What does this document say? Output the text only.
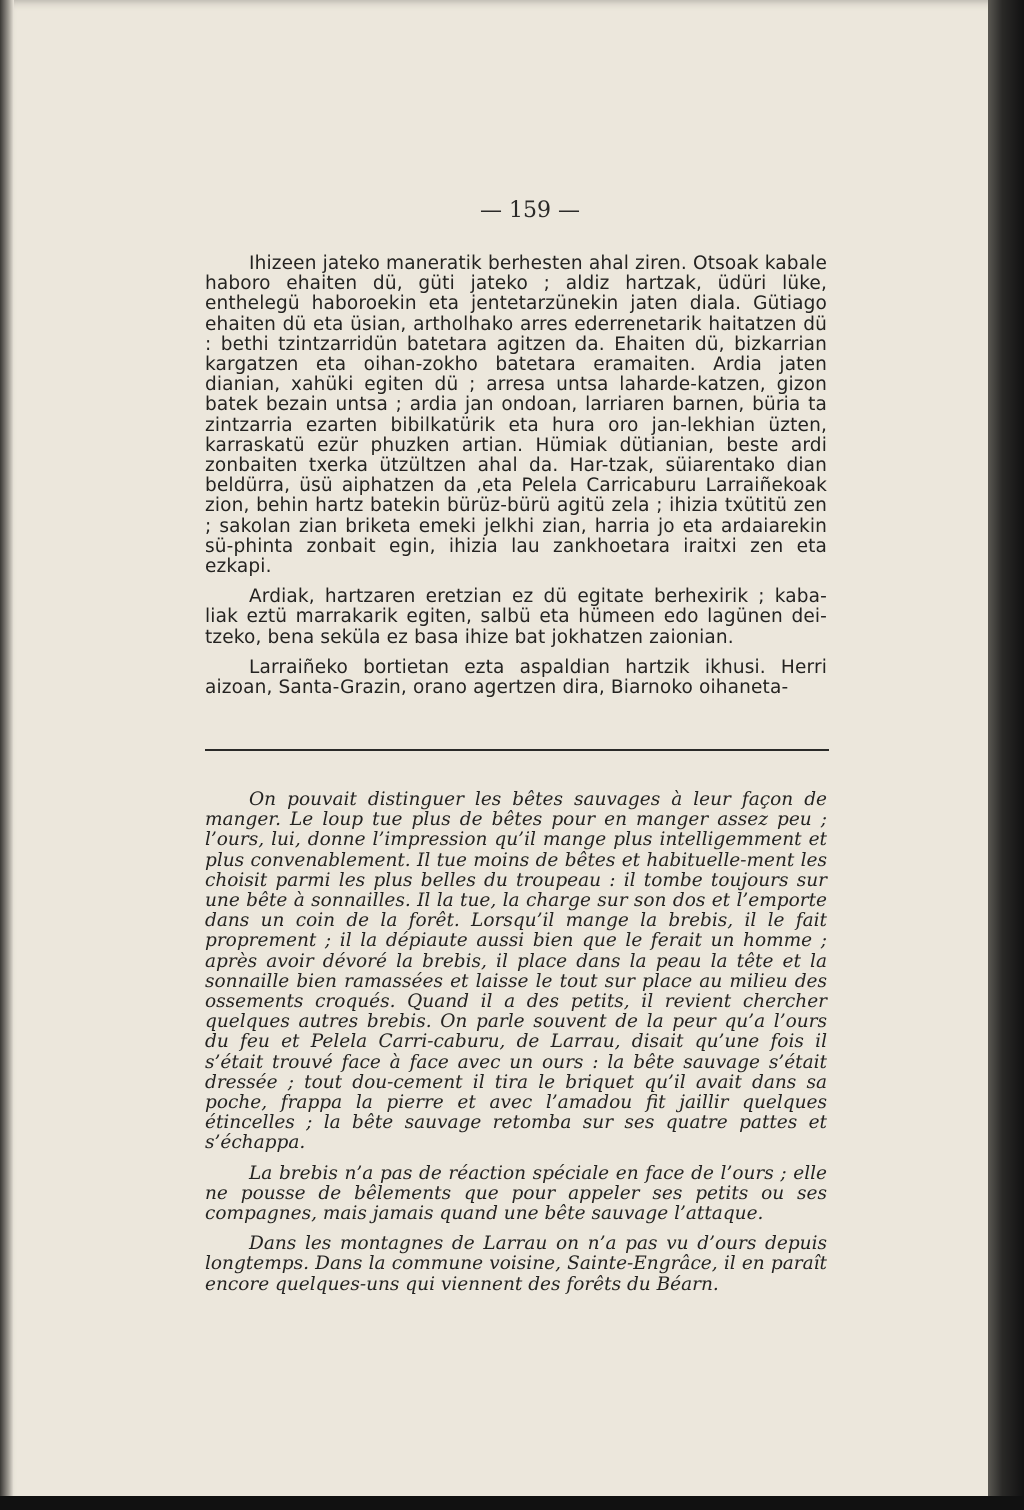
— 159 —

Ihizeen jateko maneratik berhesten ahal ziren. Otsoak kabale haboro ehaiten dü, güti jateko ; aldiz hartzak, üdüri lüke, enthelegü haboroekin eta jentetarzünekin jaten diala. Gütiago ehaiten dü eta üsian, artholhako arres ederrenetarik haitatzen dü : bethi tzintzarridün batetara agitzen da. Ehaiten dü, bizkarrian kargatzen eta oihan-zokho batetara eramaiten. Ardia jaten dianian, xahüki egiten dü ; arresa untsa laharde-katzen, gizon batek bezain untsa ; ardia jan ondoan, larriaren barnen, büria ta zintzarria ezarten bibilkatürik eta hura oro jan-lekhian üzten, karraskatü ezür phuzken artian. Hümiak dütianian, beste ardi zonbaiten txerka ützültzen ahal da. Har-tzak, süiarentako dian beldürra, üsü aiphatzen da ,eta Pelela Carricaburu Larraiñekoak zion, behin hartz batekin bürüz-bürü agitü zela ; ihizia txütitü zen ; sakolan zian briketa emeki jelkhi zian, harria jo eta ardaiarekin sü-phinta zonbait egin, ihizia lau zankhoetara iraitxi zen eta ezkapi.

Ardiak, hartzaren eretzian ez dü egitate berhexirik ; kaba-liak eztü marrakarik egiten, salbü eta hümeen edo lagünen dei-tzeko, bena seküla ez basa ihize bat jokhatzen zaionian.

Larraiñeko bortietan ezta aspaldian hartzik ikhusi. Herri aizoan, Santa-Grazin, orano agertzen dira, Biarnoko oihaneta-

On pouvait distinguer les bêtes sauvages à leur façon de manger. Le loup tue plus de bêtes pour en manger assez peu ; l’ours, lui, donne l’impression qu’il mange plus intelligemment et plus convenablement. Il tue moins de bêtes et habituelle-ment les choisit parmi les plus belles du troupeau : il tombe toujours sur une bête à sonnailles. Il la tue, la charge sur son dos et l’emporte dans un coin de la forêt. Lorsqu’il mange la brebis, il le fait proprement ; il la dépiaute aussi bien que le ferait un homme ; après avoir dévoré la brebis, il place dans la peau la tête et la sonnaille bien ramassées et laisse le tout sur place au milieu des ossements croqués. Quand il a des petits, il revient chercher quelques autres brebis. On parle souvent de la peur qu’a l’ours du feu et Pelela Carri-caburu, de Larrau, disait qu’une fois il s’était trouvé face à face avec un ours : la bête sauvage s’était dressée ; tout dou-cement il tira le briquet qu’il avait dans sa poche, frappa la pierre et avec l’amadou fit jaillir quelques étincelles ; la bête sauvage retomba sur ses quatre pattes et s’échappa.

La brebis n’a pas de réaction spéciale en face de l’ours ; elle ne pousse de bêlements que pour appeler ses petits ou ses compagnes, mais jamais quand une bête sauvage l’attaque.

Dans les montagnes de Larrau on n’a pas vu d’ours depuis longtemps. Dans la commune voisine, Sainte-Engrâce, il en paraît encore quelques-uns qui viennent des forêts du Béarn.
